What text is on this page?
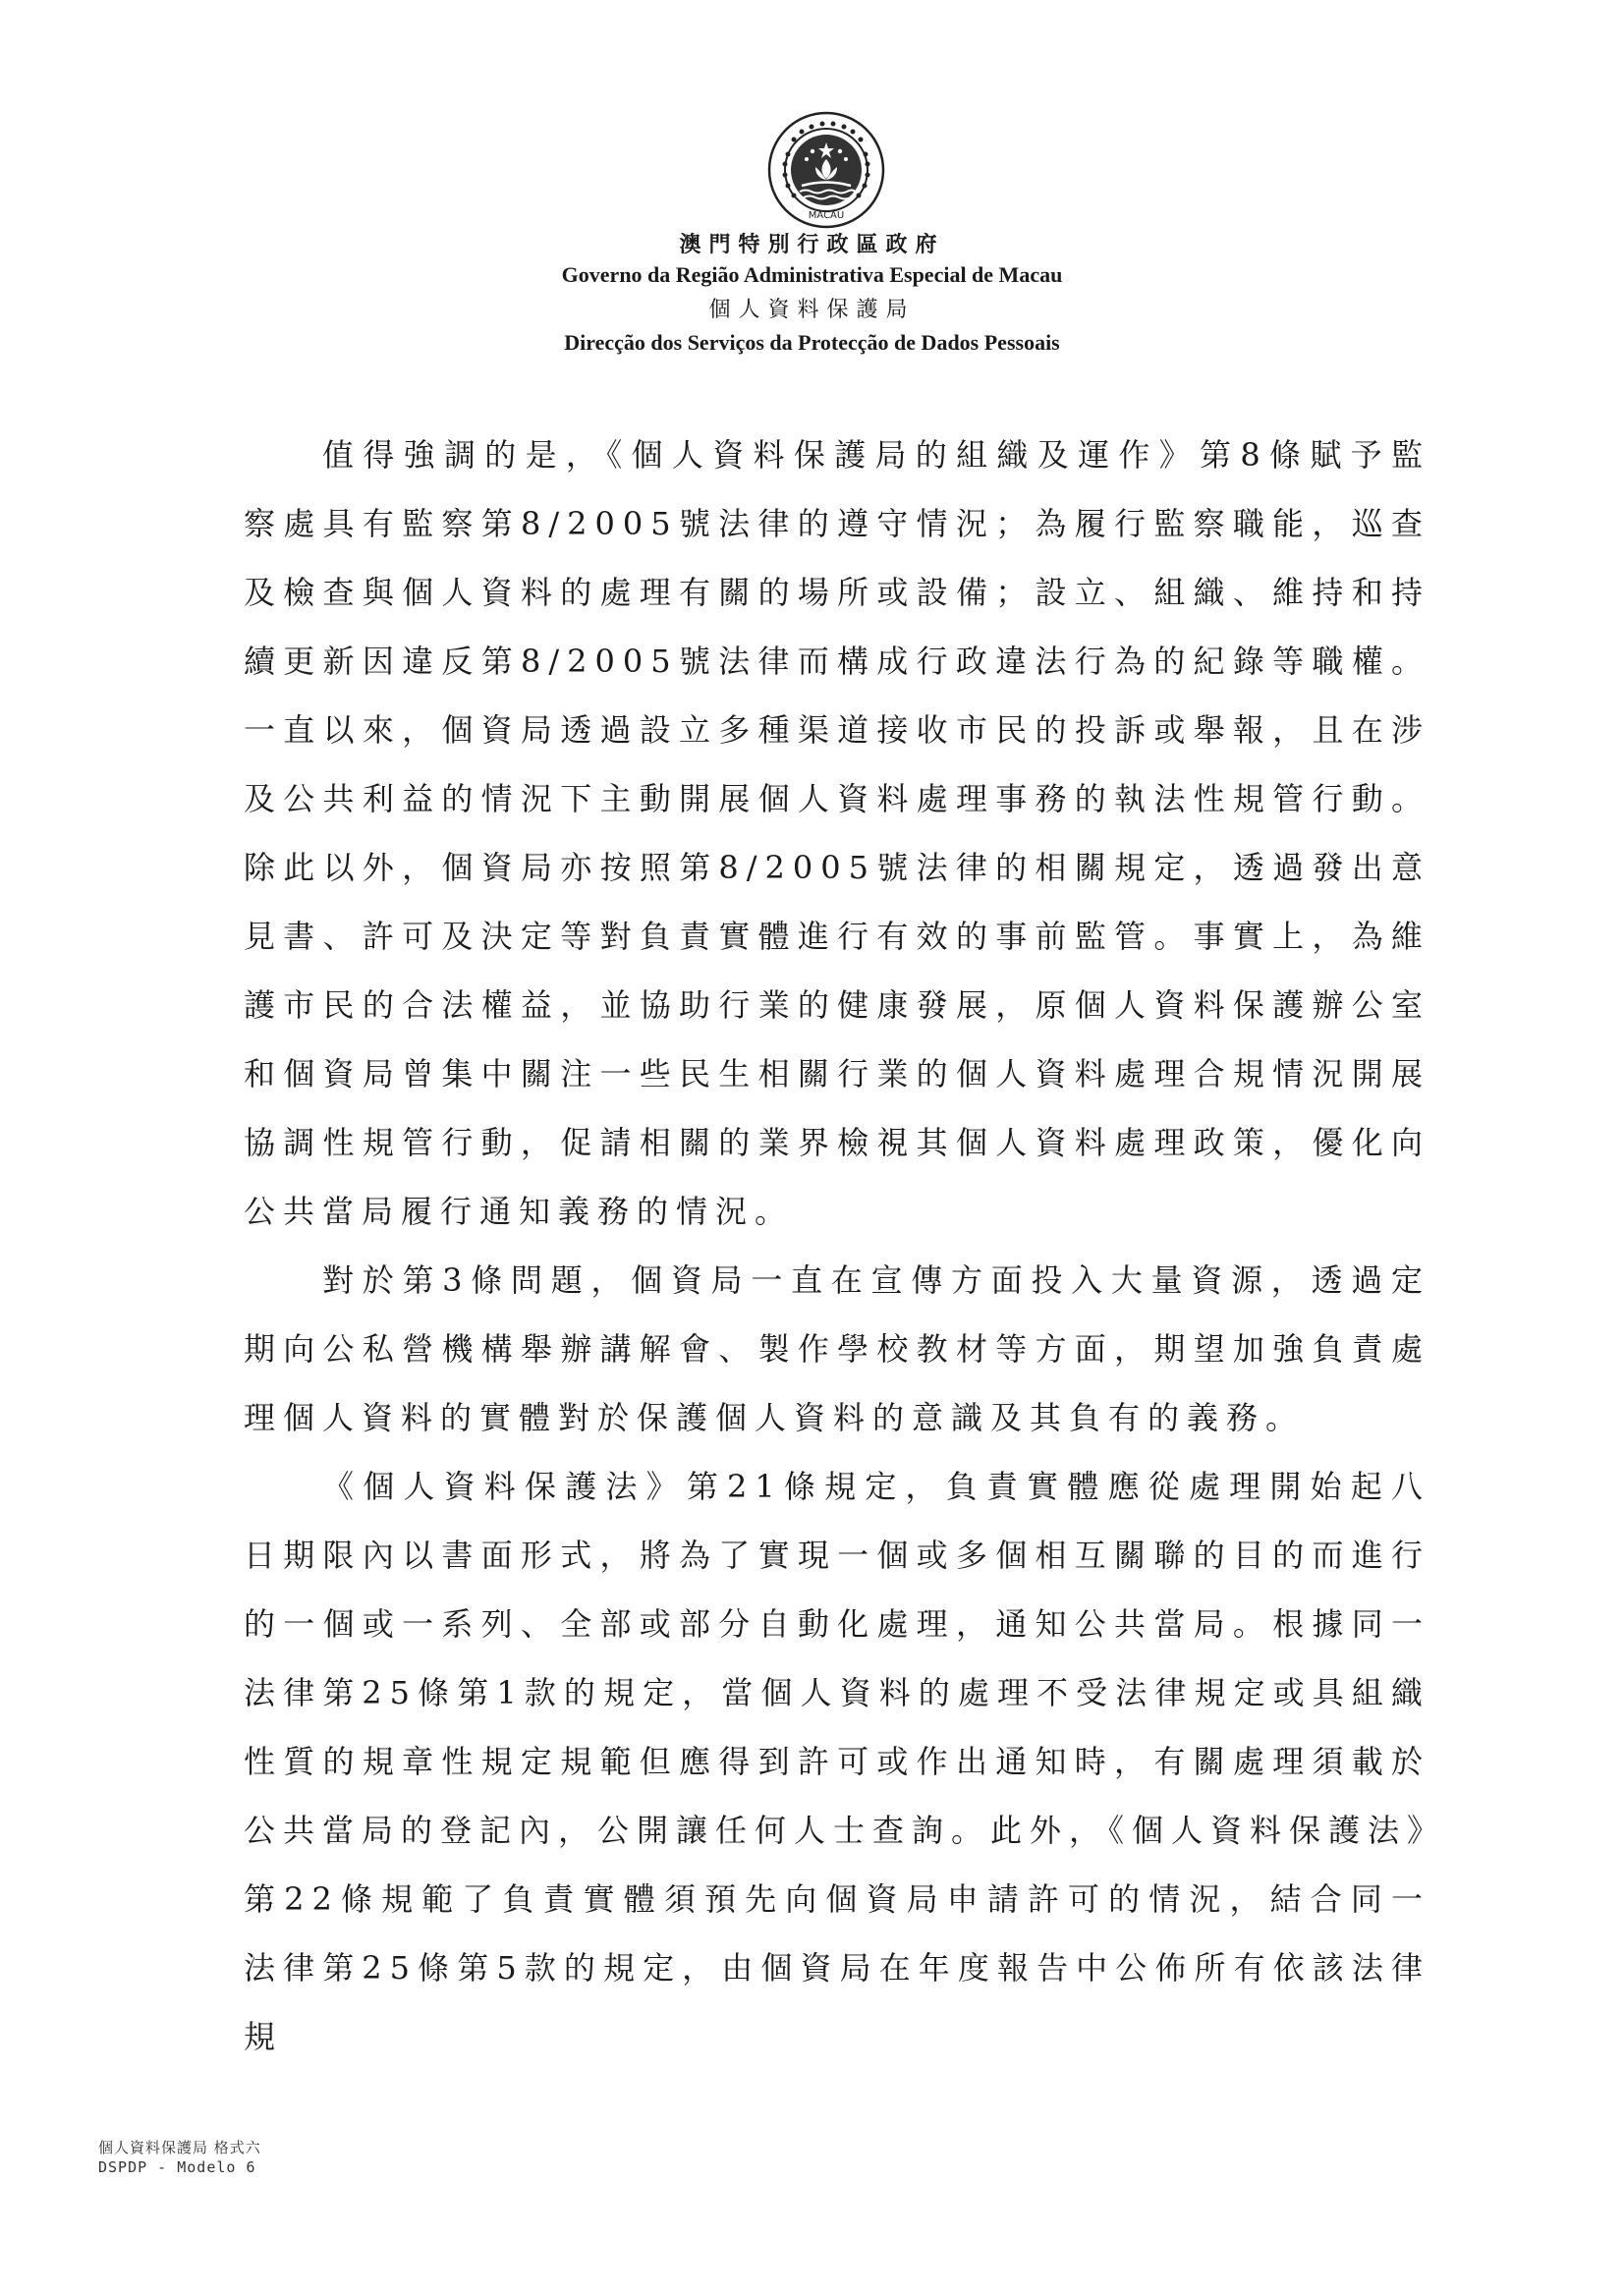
MACAU
澳門特別行政區政府
Governo da Região Administrativa Especial de Macau
個人資料保護局
Direcção dos Serviços da Protecção de Dados Pessoais

值得強調的是，《個人資料保護局的組織及運作》第8條賦予監察處具有監察第8/2005號法律的遵守情況；為履行監察職能，巡查及檢查與個人資料的處理有關的場所或設備；設立、組織、維持和持續更新因違反第8/2005號法律而構成行政違法行為的紀錄等職權。一直以來，個資局透過設立多種渠道接收市民的投訴或舉報，且在涉及公共利益的情況下主動開展個人資料處理事務的執法性規管行動。除此以外，個資局亦按照第8/2005號法律的相關規定，透過發出意見書、許可及決定等對負責實體進行有效的事前監管。事實上，為維護市民的合法權益，並協助行業的健康發展，原個人資料保護辦公室和個資局曾集中關注一些民生相關行業的個人資料處理合規情況開展協調性規管行動，促請相關的業界檢視其個人資料處理政策，優化向公共當局履行通知義務的情況。

對於第3條問題，個資局一直在宣傳方面投入大量資源，透過定期向公私營機構舉辦講解會、製作學校教材等方面，期望加強負責處理個人資料的實體對於保護個人資料的意識及其負有的義務。

《個人資料保護法》第21條規定，負責實體應從處理開始起八日期限內以書面形式，將為了實現一個或多個相互關聯的目的而進行的一個或一系列、全部或部分自動化處理，通知公共當局。根據同一法律第25條第1款的規定，當個人資料的處理不受法律規定或具組織性質的規章性規定規範但應得到許可或作出通知時，有關處理須載於公共當局的登記內，公開讓任何人士查詢。此外，《個人資料保護法》第22條規範了負責實體須預先向個資局申請許可的情況，結合同一法律第25條第5款的規定，由個資局在年度報告中公佈所有依該法律規

個人資料保護局 格式六
DSPDP - Modelo 6
